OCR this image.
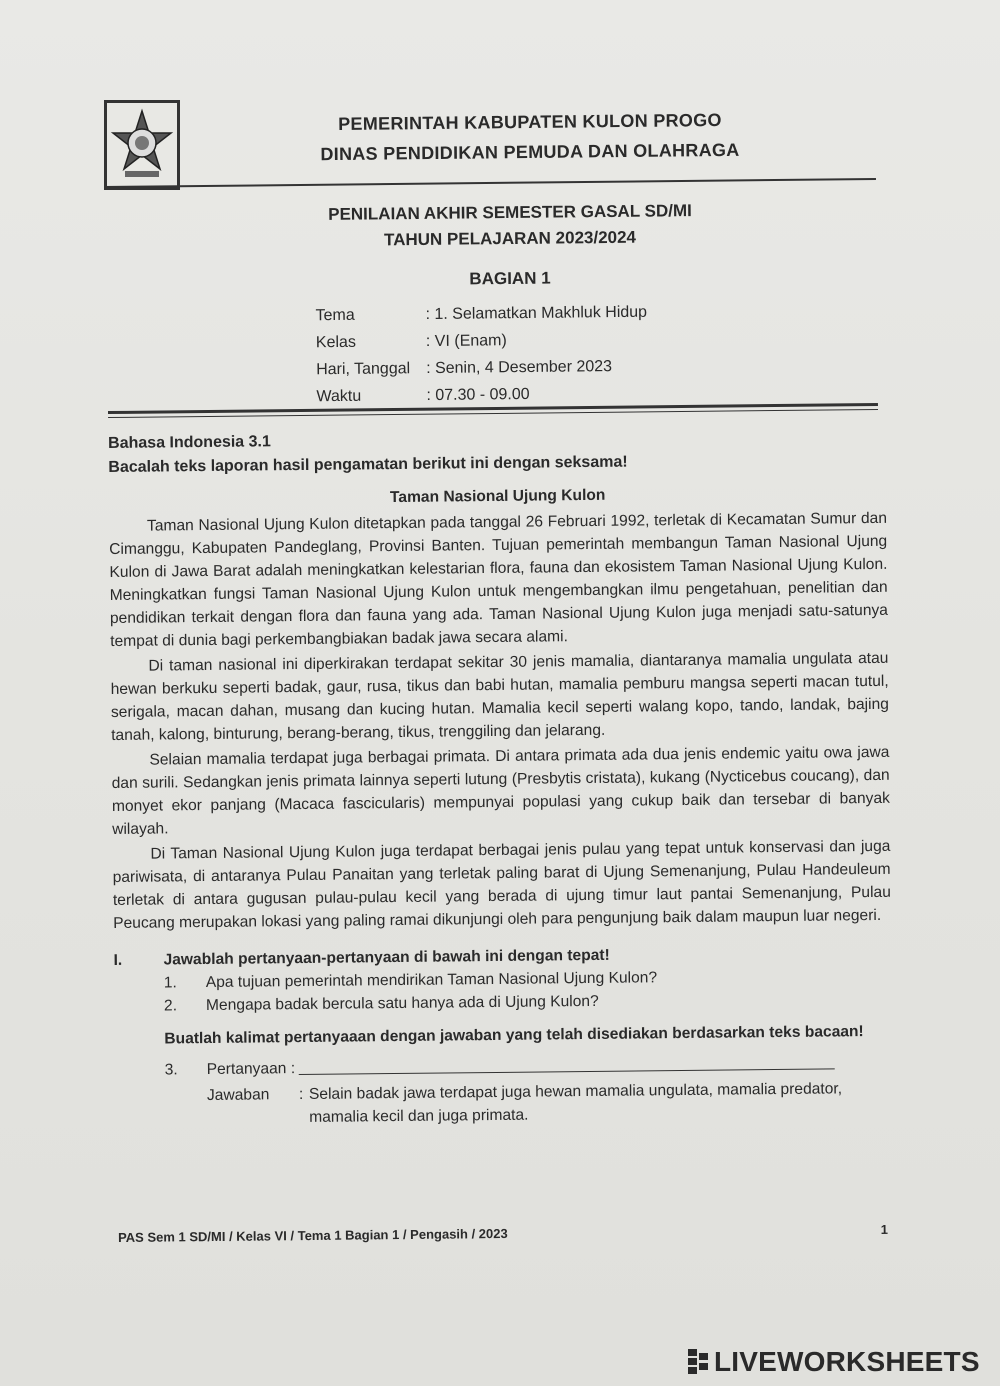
PEMERINTAH KABUPATEN KULON PROGO
DINAS PENDIDIKAN PEMUDA DAN OLAHRAGA
PENILAIAN AKHIR SEMESTER GASAL SD/MI
TAHUN PELAJARAN 2023/2024
BAGIAN 1
Tema	: 1. Selamatkan Makhluk Hidup
Kelas	: VI (Enam)
Hari, Tanggal : Senin, 4 Desember 2023
Waktu	: 07.30 - 09.00
Bahasa Indonesia 3.1
Bacalah teks laporan hasil pengamatan berikut ini dengan seksama!
Taman Nasional Ujung Kulon

Taman Nasional Ujung Kulon ditetapkan pada tanggal 26 Februari 1992, terletak di Kecamatan Sumur dan Cimanggu, Kabupaten Pandeglang, Provinsi Banten. Tujuan pemerintah membangun Taman Nasional Ujung Kulon di Jawa Barat adalah meningkatkan kelestarian flora, fauna dan ekosistem Taman Nasional Ujung Kulon. Meningkatkan fungsi Taman Nasional Ujung Kulon untuk mengembangkan ilmu pengetahuan, penelitian dan pendidikan terkait dengan flora dan fauna yang ada. Taman Nasional Ujung Kulon juga menjadi satu-satunya tempat di dunia bagi perkembangbiakan badak jawa secara alami.

Di taman nasional ini diperkirakan terdapat sekitar 30 jenis mamalia, diantaranya mamalia ungulata atau hewan berkuku seperti badak, gaur, rusa, tikus dan babi hutan, mamalia pemburu mangsa seperti macan tutul, serigala, macan dahan, musang dan kucing hutan. Mamalia kecil seperti walang kopo, tando, landak, bajing tanah, kalong, binturung, berang-berang, tikus, trenggiling dan jelarang.

Selaian mamalia terdapat juga berbagai primata. Di antara primata ada dua jenis endemic yaitu owa jawa dan surili. Sedangkan jenis primata lainnya seperti lutung (Presbytis cristata), kukang (Nycticebus coucang), dan monyet ekor panjang (Macaca fascicularis) mempunyai populasi yang cukup baik dan tersebar di banyak wilayah.

Di Taman Nasional Ujung Kulon juga terdapat berbagai jenis pulau yang tepat untuk konservasi dan juga pariwisata, di antaranya Pulau Panaitan yang terletak paling barat di Ujung Semenanjung, Pulau Handeuleum terletak di antara gugusan pulau-pulau kecil yang berada di ujung timur laut pantai Semenanjung, Pulau Peucang merupakan lokasi yang paling ramai dikunjungi oleh para pengunjung baik dalam maupun luar negeri.

I.	Jawablah pertanyaan-pertanyaan di bawah ini dengan tepat!
1.	Apa tujuan pemerintah mendirikan Taman Nasional Ujung Kulon?
2.	Mengapa badak bercula satu hanya ada di Ujung Kulon?
Buatlah kalimat pertanyaaan dengan jawaban yang telah disediakan berdasarkan teks bacaan!
3.	Pertanyaan :
Jawaban	: Selain badak jawa terdapat juga hewan mamalia ungulata, mamalia predator, mamalia kecil dan juga primata.
PAS Sem 1 SD/MI / Kelas VI / Tema 1 Bagian 1 / Pengasih / 2023	1
LIVEWORKSHEETS
